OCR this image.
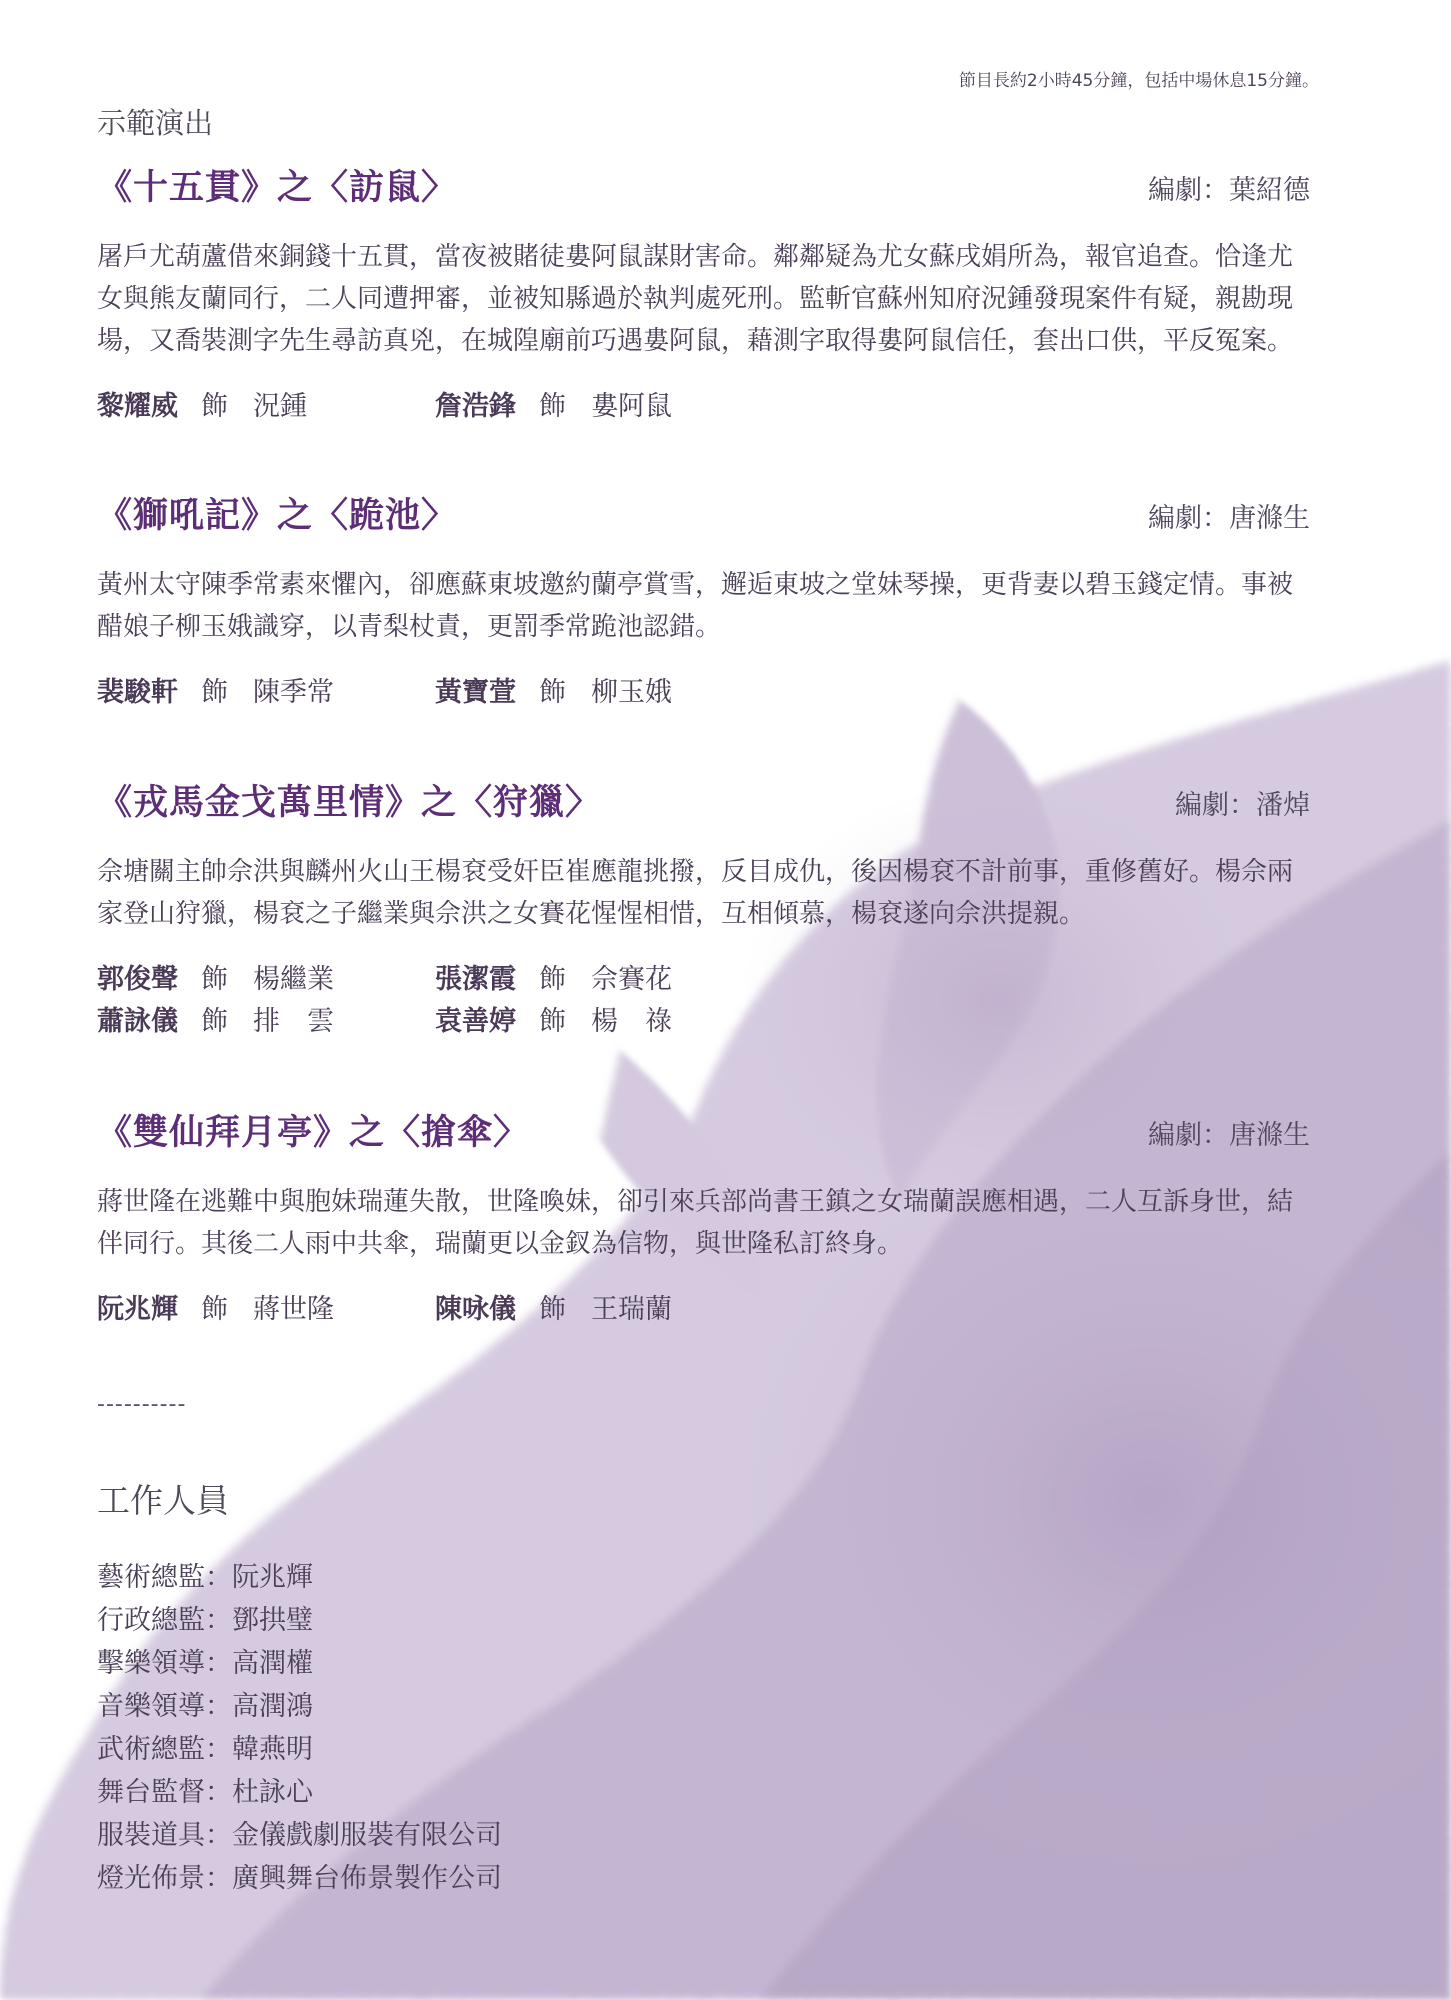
節目長約2小時45分鐘，包括中場休息15分鐘。
示範演出
《十五貫》之〈訪鼠〉	編劇：葉紹德

屠戶尤葫蘆借來銅錢十五貫，當夜被賭徒婁阿鼠謀財害命。鄰鄰疑為尤女蘇戌娟所為，報官追查。恰逢尤女與熊友蘭同行，二人同遭押審，並被知縣過於執判處死刑。監斬官蘇州知府況鍾發現案件有疑，親勘現場，又喬裝測字先生尋訪真兇，在城隍廟前巧遇婁阿鼠，藉測字取得婁阿鼠信任，套出口供，平反冤案。

黎耀威 飾 況鍾	詹浩鋒 飾 婁阿鼠
《獅吼記》之〈跪池〉	編劇：唐滌生

黃州太守陳季常素來懼內，卻應蘇東坡邀約蘭亭賞雪，邂逅東坡之堂妹琴操，更背妻以碧玉錢定情。事被醋娘子柳玉娥識穿，以青梨杖責，更罰季常跪池認錯。

裴駿軒 飾 陳季常	黃寶萱 飾 柳玉娥
《戎馬金戈萬里情》之〈狩獵〉	編劇：潘焯

佘塘關主帥佘洪與麟州火山王楊袞受奸臣崔應龍挑撥，反目成仇，後因楊袞不計前事，重修舊好。楊佘兩家登山狩獵，楊袞之子繼業與佘洪之女賽花惺惺相惜，互相傾慕，楊袞遂向佘洪提親。

郭俊聲 飾 楊繼業	張潔霞 飾 佘賽花
蕭詠儀 飾 排　雲	袁善婷 飾 楊　祿
《雙仙拜月亭》之〈搶傘〉	編劇：唐滌生

蔣世隆在逃難中與胞妹瑞蓮失散，世隆喚妹，卻引來兵部尚書王鎮之女瑞蘭誤應相遇，二人互訴身世，結伴同行。其後二人雨中共傘，瑞蘭更以金釵為信物，與世隆私訂終身。

阮兆輝 飾 蔣世隆	陳咏儀 飾 王瑞蘭
----------
工作人員
藝術總監：阮兆輝
行政總監：鄧拱璧
擊樂領導：高潤權
音樂領導：高潤鴻
武術總監：韓燕明
舞台監督：杜詠心
服裝道具：金儀戲劇服裝有限公司
燈光佈景：廣興舞台佈景製作公司
